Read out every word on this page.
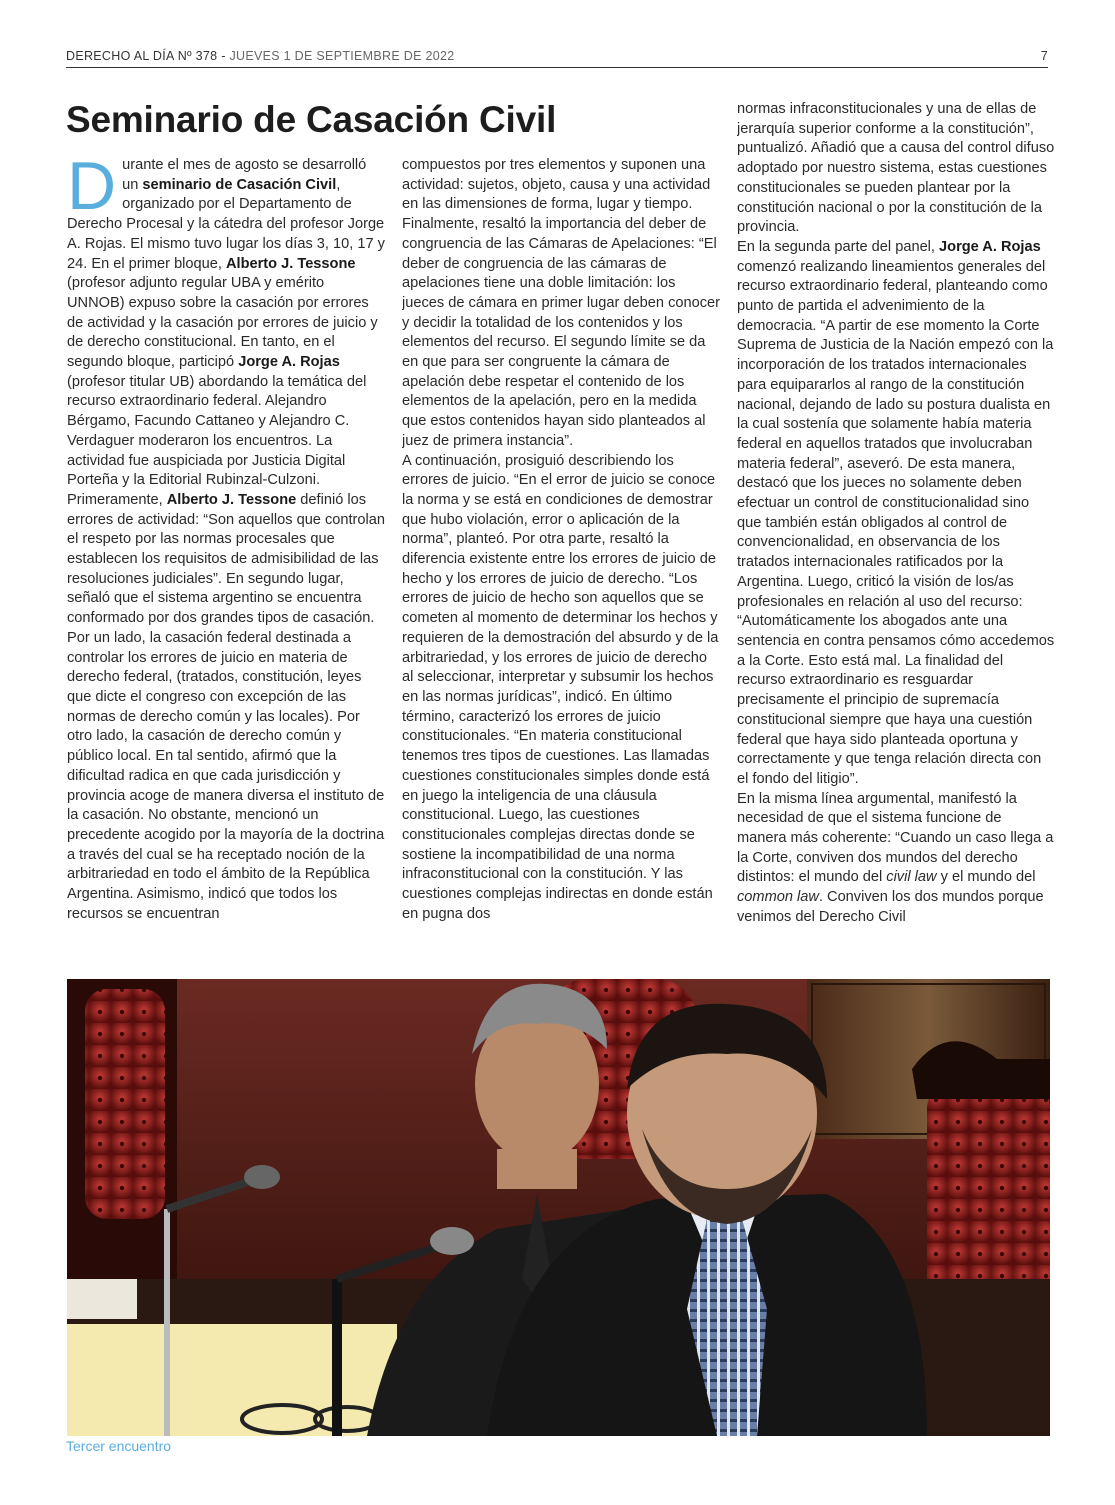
DERECHO AL DÍA Nº 378 - JUEVES 1 DE SEPTIEMBRE DE 2022	7
Seminario de Casación Civil

Durante el mes de agosto se desarrolló un seminario de Casación Civil, organizado por el Departamento de Derecho Procesal y la cátedra del profesor Jorge A. Rojas. El mismo tuvo lugar los días 3, 10, 17 y 24. En el primer bloque, Alberto J. Tessone (profesor adjunto regular UBA y emérito UNNOB) expuso sobre la casación por errores de actividad y la casación por errores de juicio y de derecho constitucional. En tanto, en el segundo bloque, participó Jorge A. Rojas (profesor titular UB) abordando la temática del recurso extraordinario federal. Alejandro Bérgamo, Facundo Cattaneo y Alejandro C. Verdaguer moderaron los encuentros. La actividad fue auspiciada por Justicia Digital Porteña y la Editorial Rubinzal-Culzoni.

Primeramente, Alberto J. Tessone definió los errores de actividad: “Son aquellos que controlan el respeto por las normas procesales que establecen los requisitos de admisibilidad de las resoluciones judiciales”. En segundo lugar, señaló que el sistema argentino se encuentra conformado por dos grandes tipos de casación. Por un lado, la casación federal destinada a controlar los errores de juicio en materia de derecho federal, (tratados, constitución, leyes que dicte el congreso con excepción de las normas de derecho común y las locales). Por otro lado, la casación de derecho común y público local. En tal sentido, afirmó que la dificultad radica en que cada jurisdicción y provincia acoge de manera diversa el instituto de la casación. No obstante, mencionó un precedente acogido por la mayoría de la doctrina a través del cual se ha receptado noción de la arbitrariedad en todo el ámbito de la República Argentina. Asimismo, indicó que todos los recursos se encuentran

compuestos por tres elementos y suponen una actividad: sujetos, objeto, causa y una actividad en las dimensiones de forma, lugar y tiempo. Finalmente, resaltó la importancia del deber de congruencia de las Cámaras de Apelaciones: “El deber de congruencia de las cámaras de apelaciones tiene una doble limitación: los jueces de cámara en primer lugar deben conocer y decidir la totalidad de los contenidos y los elementos del recurso. El segundo límite se da en que para ser congruente la cámara de apelación debe respetar el contenido de los elementos de la apelación, pero en la medida que estos contenidos hayan sido planteados al juez de primera instancia”.

A continuación, prosiguió describiendo los errores de juicio. “En el error de juicio se conoce la norma y se está en condiciones de demostrar que hubo violación, error o aplicación de la norma”, planteó. Por otra parte, resaltó la diferencia existente entre los errores de juicio de hecho y los errores de juicio de derecho. “Los errores de juicio de hecho son aquellos que se cometen al momento de determinar los hechos y requieren de la demostración del absurdo y de la arbitrariedad, y los errores de juicio de derecho al seleccionar, interpretar y subsumir los hechos en las normas jurídicas”, indicó. En último término, caracterizó los errores de juicio constitucionales. “En materia constitucional tenemos tres tipos de cuestiones. Las llamadas cuestiones constitucionales simples donde está en juego la inteligencia de una cláusula constitucional. Luego, las cuestiones constitucionales complejas directas donde se sostiene la incompatibilidad de una norma infraconstitucional con la constitución. Y las cuestiones complejas indirectas en donde están en pugna dos

normas infraconstitucionales y una de ellas de jerarquía superior conforme a la constitución”, puntualizó. Añadió que a causa del control difuso adoptado por nuestro sistema, estas cuestiones constitucionales se pueden plantear por la constitución nacional o por la constitución de la provincia.

En la segunda parte del panel, Jorge A. Rojas comenzó realizando lineamientos generales del recurso extraordinario federal, planteando como punto de partida el advenimiento de la democracia. “A partir de ese momento la Corte Suprema de Justicia de la Nación empezó con la incorporación de los tratados internacionales para equipararlos al rango de la constitución nacional, dejando de lado su postura dualista en la cual sostenía que solamente había materia federal en aquellos tratados que involucraban materia federal”, aseveró. De esta manera, destacó que los jueces no solamente deben efectuar un control de constitucionalidad sino que también están obligados al control de convencionalidad, en observancia de los tratados internacionales ratificados por la Argentina. Luego, criticó la visión de los/as profesionales en relación al uso del recurso: “Automáticamente los abogados ante una sentencia en contra pensamos cómo accedemos a la Corte. Esto está mal. La finalidad del recurso extraordinario es resguardar precisamente el principio de supremacía constitucional siempre que haya una cuestión federal que haya sido planteada oportuna y correctamente y que tenga relación directa con el fondo del litigio”.

En la misma línea argumental, manifestó la necesidad de que el sistema funcione de manera más coherente: “Cuando un caso llega a la Corte, conviven dos mundos del derecho distintos: el mundo del civil law y el mundo del common law. Conviven los dos mundos porque venimos del Derecho Civil

Tercer encuentro
